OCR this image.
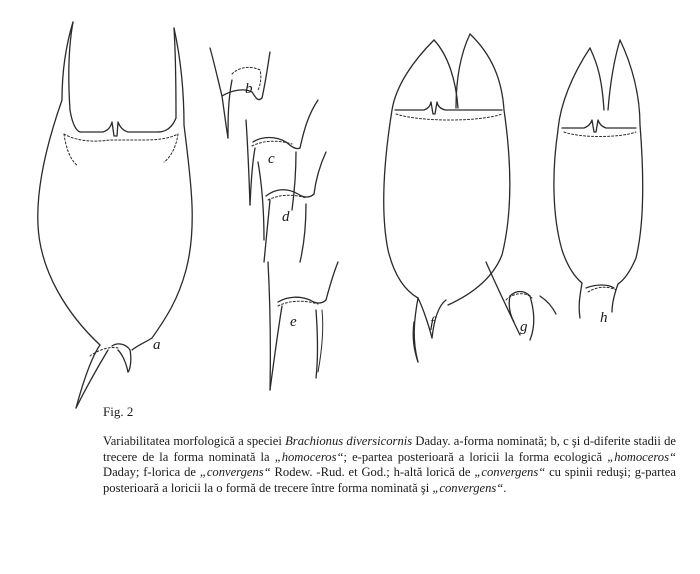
a
b
c
d
e	f	g
h
Fig. 2
Variabilitatea morfologică a speciei Brachionus diversicornis Daday. a-forma nominată; b, c şi d-diferite stadii de trecere de la forma nominată la „homoceros“; e-partea posterioară a loricii la forma ecologică „homoceros“ Daday; f-lorica de „convergens“ Rodew. -Rud. et God.; h-altă lorică de „convergens“ cu spinii reduşi; g-partea posterioară a loricii la o formă de trecere între forma nominată şi „convergens“.
